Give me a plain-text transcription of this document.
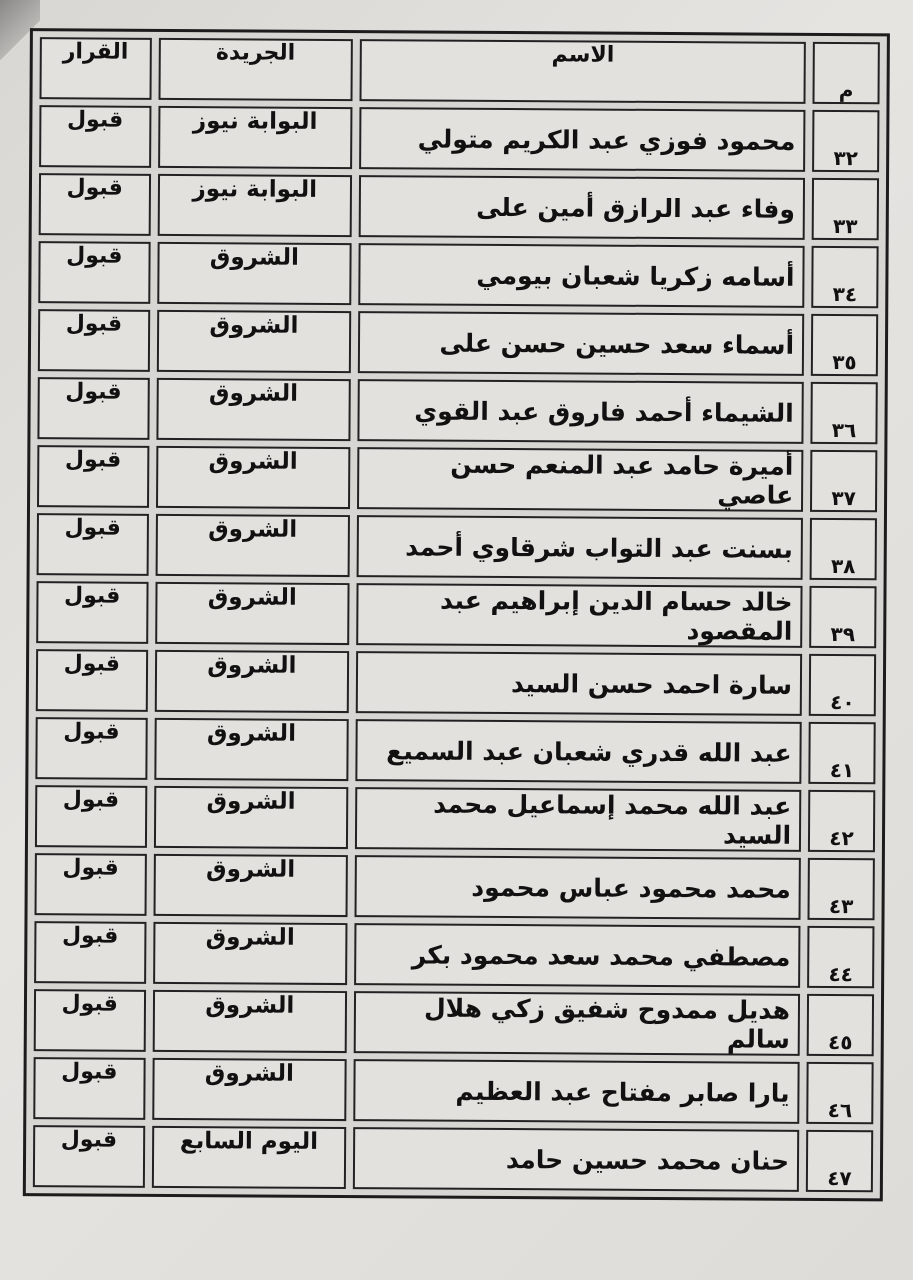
م	الاسم	الجريدة	القرار
٣٢	محمود فوزي عبد الكريم متولي	البوابة نيوز	قبول
٣٣	وفاء عبد الرازق أمين على	البوابة نيوز	قبول
٣٤	أسامه زكريا شعبان بيومي	الشروق	قبول
٣٥	أسماء سعد حسين حسن على	الشروق	قبول
٣٦	الشيماء أحمد فاروق عبد القوي	الشروق	قبول
٣٧	أميرة حامد عبد المنعم حسن عاصي	الشروق	قبول
٣٨	بسنت عبد التواب شرقاوي أحمد	الشروق	قبول
٣٩	خالد حسام الدين إبراهيم عبد المقصود	الشروق	قبول
٤٠	سارة احمد حسن السيد	الشروق	قبول
٤١	عبد الله قدري شعبان عبد السميع	الشروق	قبول
٤٢	عبد الله محمد إسماعيل محمد السيد	الشروق	قبول
٤٣	محمد محمود عباس محمود	الشروق	قبول
٤٤	مصطفي محمد سعد محمود بكر	الشروق	قبول
٤٥	هديل ممدوح شفيق زكي هلال سالم	الشروق	قبول
٤٦	يارا صابر مفتاح عبد العظيم	الشروق	قبول
٤٧	حنان محمد حسين حامد	اليوم السابع	قبول
